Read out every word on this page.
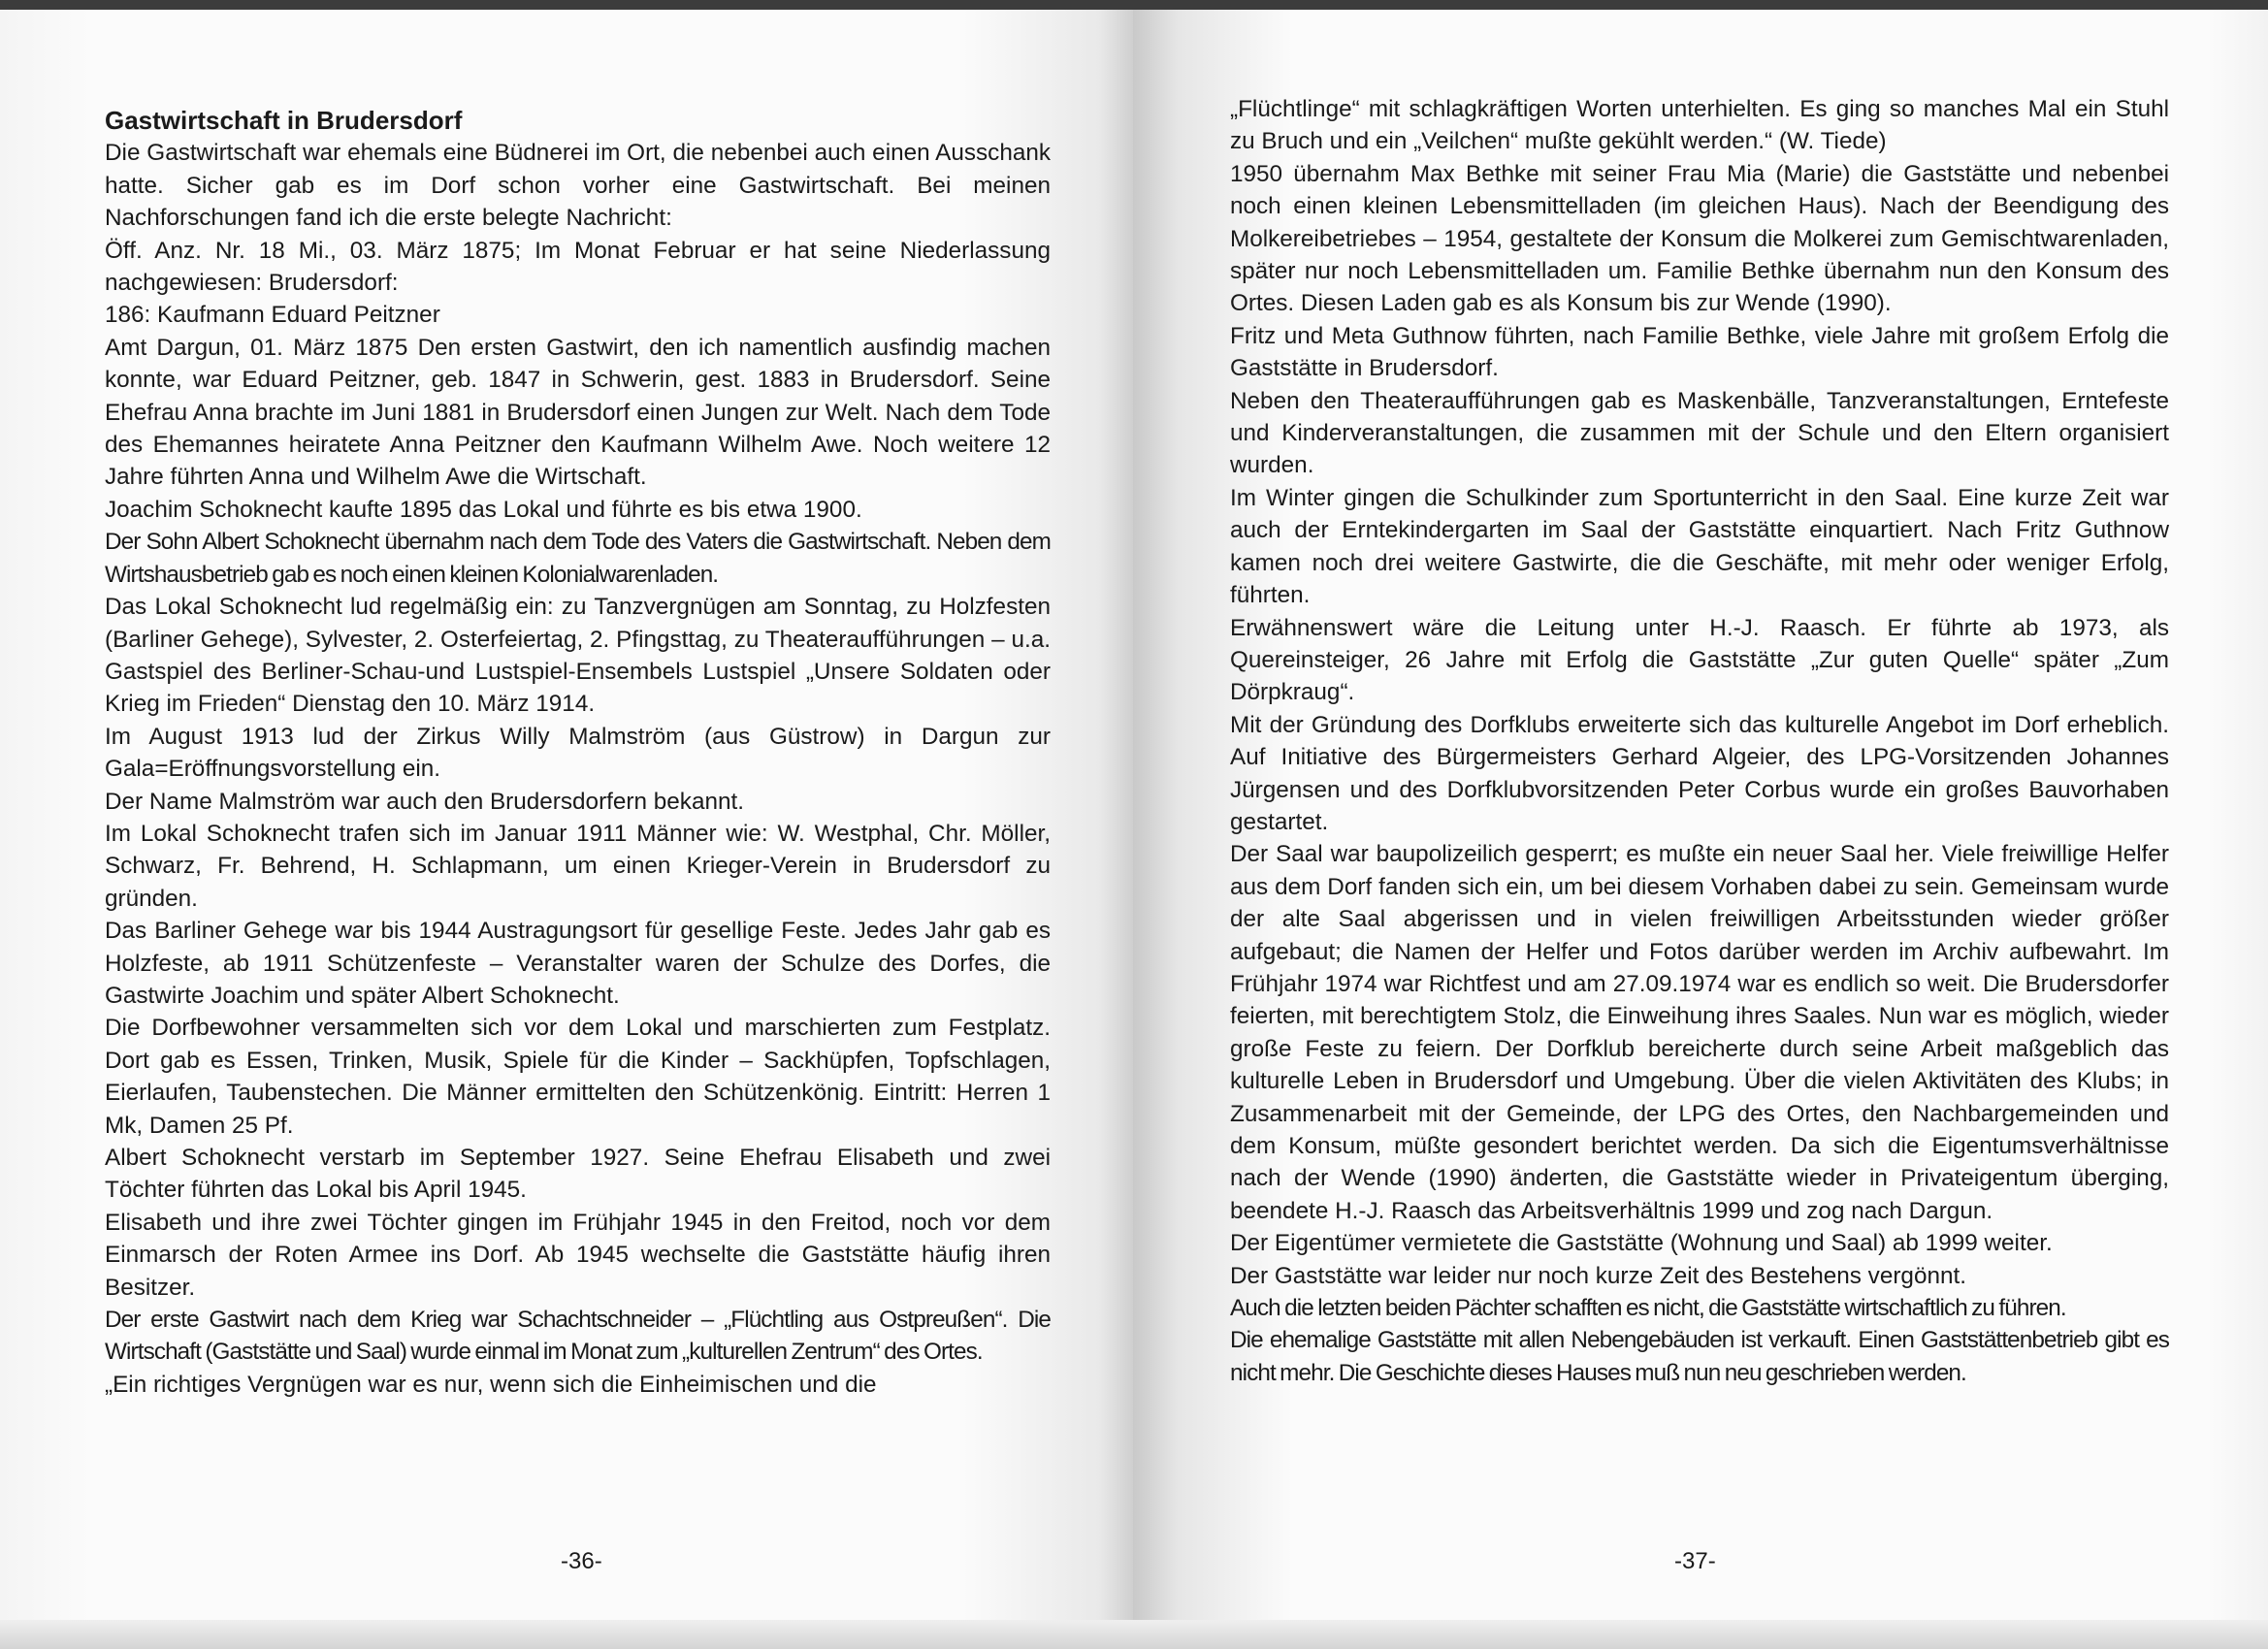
Gastwirtschaft in Brudersdorf

Die Gastwirtschaft war ehemals eine Büdnerei im Ort, die nebenbei auch einen Ausschank hatte. Sicher gab es im Dorf schon vorher eine Gastwirtschaft. Bei meinen Nachforschungen fand ich die erste belegte Nachricht:

Öff. Anz. Nr. 18 Mi., 03. März 1875; Im Monat Februar er hat seine Niederlassung nachgewiesen: Brudersdorf:

186: Kaufmann Eduard Peitzner

Amt Dargun, 01. März 1875 Den ersten Gastwirt, den ich namentlich ausfindig machen konnte, war Eduard Peitzner, geb. 1847 in Schwerin, gest. 1883 in Brudersdorf. Seine Ehefrau Anna brachte im Juni 1881 in Brudersdorf einen Jungen zur Welt. Nach dem Tode des Ehemannes heiratete Anna Peitzner den Kaufmann Wilhelm Awe. Noch weitere 12 Jahre führten Anna und Wilhelm Awe die Wirtschaft.

Joachim Schoknecht kaufte 1895 das Lokal und führte es bis etwa 1900.

Der Sohn Albert Schoknecht übernahm nach dem Tode des Vaters die Gastwirtschaft. Neben dem Wirtshausbetrieb gab es noch einen kleinen Kolonialwarenladen.

Das Lokal Schoknecht lud regelmäßig ein: zu Tanzvergnügen am Sonntag, zu Holzfesten (Barliner Gehege), Sylvester, 2. Osterfeiertag, 2. Pfingsttag, zu Theateraufführungen – u.a. Gastspiel des Berliner-Schau-und Lustspiel-Ensembels Lustspiel „Unsere Soldaten oder Krieg im Frieden“ Dienstag den 10. März 1914.

Im August 1913 lud der Zirkus Willy Malmström (aus Güstrow) in Dargun zur Gala=Eröffnungsvorstellung ein.

Der Name Malmström war auch den Brudersdorfern bekannt.

Im Lokal Schoknecht trafen sich im Januar 1911 Männer wie: W. Westphal, Chr. Möller, Schwarz, Fr. Behrend, H. Schlapmann, um einen Krieger-Verein in Brudersdorf zu gründen.

Das Barliner Gehege war bis 1944 Austragungsort für gesellige Feste. Jedes Jahr gab es Holzfeste, ab 1911 Schützenfeste – Veranstalter waren der Schulze des Dorfes, die Gastwirte Joachim und später Albert Schoknecht.

Die Dorfbewohner versammelten sich vor dem Lokal und marschierten zum Festplatz. Dort gab es Essen, Trinken, Musik, Spiele für die Kinder – Sackhüpfen, Topfschlagen, Eierlaufen, Taubenstechen. Die Männer ermittelten den Schützenkönig. Eintritt: Herren 1 Mk, Damen 25 Pf.

Albert Schoknecht verstarb im September 1927. Seine Ehefrau Elisabeth und zwei Töchter führten das Lokal bis April 1945.

Elisabeth und ihre zwei Töchter gingen im Frühjahr 1945 in den Freitod, noch vor dem Einmarsch der Roten Armee ins Dorf. Ab 1945 wechselte die Gaststätte häufig ihren Besitzer.

Der erste Gastwirt nach dem Krieg war Schachtschneider – „Flüchtling aus Ostpreußen“. Die Wirtschaft (Gaststätte und Saal) wurde einmal im Monat zum „kulturellen Zentrum“ des Ortes.

„Ein richtiges Vergnügen war es nur, wenn sich die Einheimischen und die

-36-

„Flüchtlinge“ mit schlagkräftigen Worten unterhielten. Es ging so manches Mal ein Stuhl zu Bruch und ein „Veilchen“ mußte gekühlt werden.“ (W. Tiede)

1950 übernahm Max Bethke mit seiner Frau Mia (Marie) die Gaststätte und nebenbei noch einen kleinen Lebensmittelladen (im gleichen Haus). Nach der Beendigung des Molkereibetriebes – 1954, gestaltete der Konsum die Molkerei zum Gemischtwarenladen, später nur noch Lebensmittelladen um. Familie Bethke übernahm nun den Konsum des Ortes. Diesen Laden gab es als Konsum bis zur Wende (1990).

Fritz und Meta Guthnow führten, nach Familie Bethke, viele Jahre mit großem Erfolg die Gaststätte in Brudersdorf.

Neben den Theateraufführungen gab es Maskenbälle, Tanzveranstaltungen, Erntefeste und Kinderveranstaltungen, die zusammen mit der Schule und den Eltern organisiert wurden.

Im Winter gingen die Schulkinder zum Sportunterricht in den Saal. Eine kurze Zeit war auch der Erntekindergarten im Saal der Gaststätte einquartiert. Nach Fritz Guthnow kamen noch drei weitere Gastwirte, die die Geschäfte, mit mehr oder weniger Erfolg, führten.

Erwähnenswert wäre die Leitung unter H.-J. Raasch. Er führte ab 1973, als Quereinsteiger, 26 Jahre mit Erfolg die Gaststätte „Zur guten Quelle“ später „Zum Dörpkraug“.

Mit der Gründung des Dorfklubs erweiterte sich das kulturelle Angebot im Dorf erheblich. Auf Initiative des Bürgermeisters Gerhard Algeier, des LPG-Vorsitzenden Johannes Jürgensen und des Dorfklubvorsitzenden Peter Corbus wurde ein großes Bauvorhaben gestartet.

Der Saal war baupolizeilich gesperrt; es mußte ein neuer Saal her. Viele freiwillige Helfer aus dem Dorf fanden sich ein, um bei diesem Vorhaben dabei zu sein. Gemeinsam wurde der alte Saal abgerissen und in vielen freiwilligen Arbeitsstunden wieder größer aufgebaut; die Namen der Helfer und Fotos darüber werden im Archiv aufbewahrt. Im Frühjahr 1974 war Richtfest und am 27.09.1974 war es endlich so weit. Die Brudersdorfer feierten, mit berechtigtem Stolz, die Einweihung ihres Saales. Nun war es möglich, wieder große Feste zu feiern. Der Dorfklub bereicherte durch seine Arbeit maßgeblich das kulturelle Leben in Brudersdorf und Umgebung. Über die vielen Aktivitäten des Klubs; in Zusammenarbeit mit der Gemeinde, der LPG des Ortes, den Nachbargemeinden und dem Konsum, müßte gesondert berichtet werden. Da sich die Eigentumsverhältnisse nach der Wende (1990) änderten, die Gaststätte wieder in Privateigentum überging, beendete H.-J. Raasch das Arbeitsverhältnis 1999 und zog nach Dargun.

Der Eigentümer vermietete die Gaststätte (Wohnung und Saal) ab 1999 weiter.

Der Gaststätte war leider nur noch kurze Zeit des Bestehens vergönnt.

Auch die letzten beiden Pächter schafften es nicht, die Gaststätte wirtschaftlich zu führen.

Die ehemalige Gaststätte mit allen Nebengebäuden ist verkauft. Einen Gaststättenbetrieb gibt es nicht mehr. Die Geschichte dieses Hauses muß nun neu geschrieben werden.

-37-
